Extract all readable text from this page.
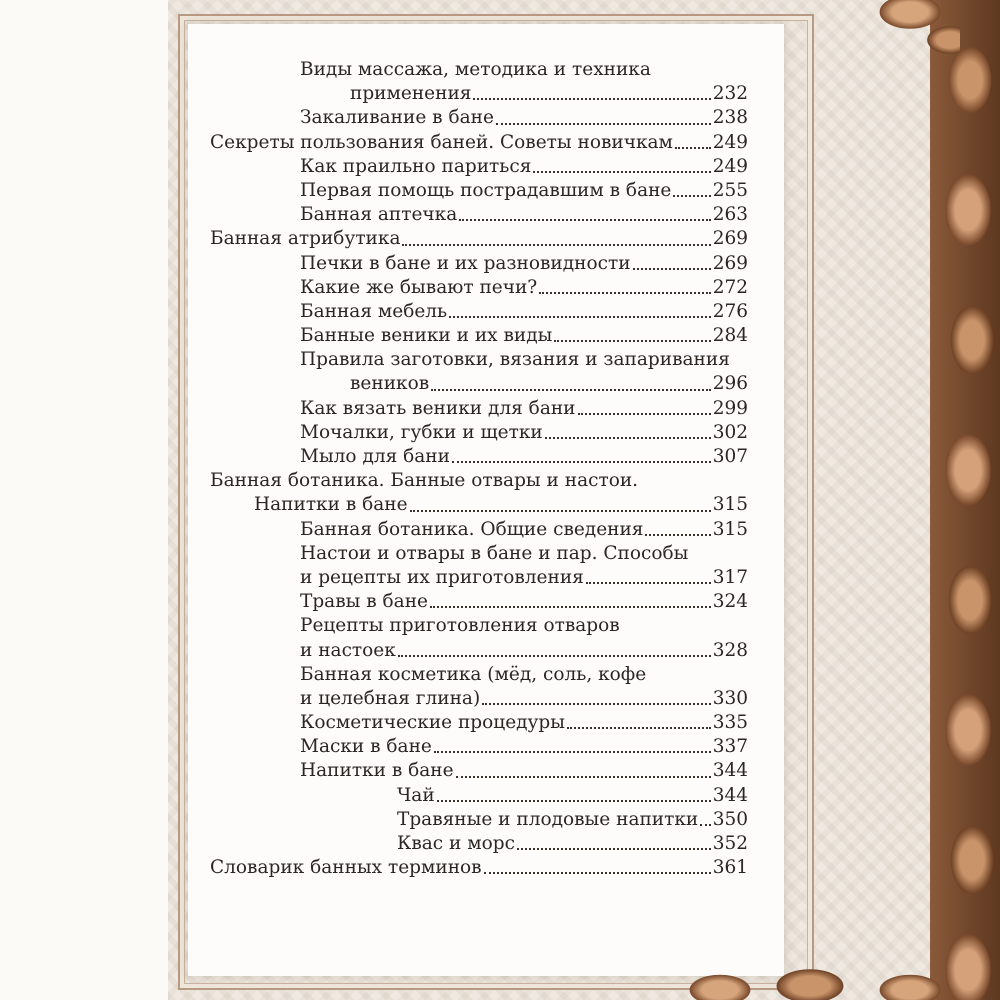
Виды массажа, методика и техника
применения	232
Закаливание в бане	238
Секреты пользования баней. Советы новичкам 249
Как праильно париться	249
Первая помощь пострадавшим в бане 255
Банная аптечка	263
Банная атрибутика	269
Печки в бане и их разновидности	269
Какие же бывают печи?	272
Банная мебель	276
Банные веники и их виды	284
Правила заготовки, вязания и запаривания
веников	296
Как вязать веники для бани	299
Мочалки, губки и щетки	302
Мыло для бани	307
Банная ботаника. Банные отвары и настои.
Напитки в бане	315
Банная ботаника. Общие сведения	315
Настои и отвары в бане и пар. Способы
и рецепты их приготовления	317
Травы в бане	324
Рецепты приготовления отваров
и настоек	328
Банная косметика (мёд, соль, кофе
и целебная глина)	330
Косметические процедуры	335
Маски в бане	337
Напитки в бане	344
Чай	344
Травяные и плодовые напитки 350
Квас и морс	352
Словарик банных терминов	361
